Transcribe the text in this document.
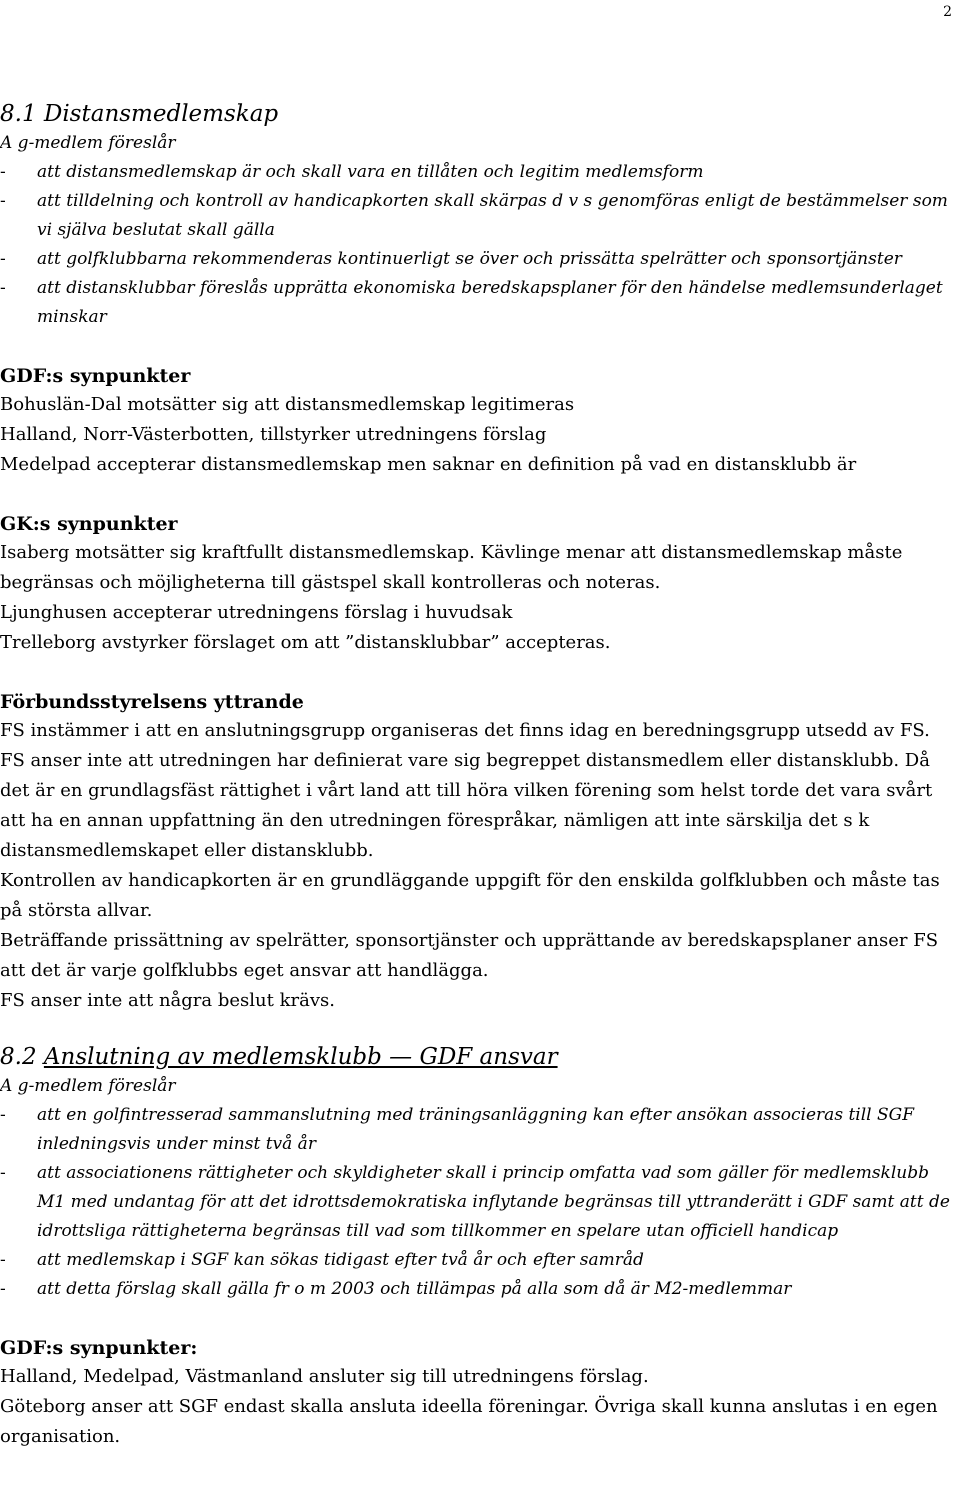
2
8.1 Distansmedlemskap
A g-medlem föreslår
- att distansmedlemskap är och skall vara en tillåten och legitim medlemsform
- att tilldelning och kontroll av handicapkorten skall skärpas d v s genomföras enligt de bestämmelser som vi själva beslutat skall gälla
- att golfklubbarna rekommenderas kontinuerligt se över och prissätta spelrätter och sponsortjänster
- att distansklubbar föreslås upprätta ekonomiska beredskapsplaner för den händelse medlemsunderlaget minskar
GDF:s synpunkter
Bohuslän-Dal motsätter sig att distansmedlemskap legitimeras
Halland, Norr-Västerbotten, tillstyrker utredningens förslag
Medelpad accepterar distansmedlemskap men saknar en definition på vad en distansklubb är
GK:s synpunkter
Isaberg motsätter sig kraftfullt distansmedlemskap. Kävlinge menar att distansmedlemskap måste begränsas och möjligheterna till gästspel skall kontrolleras och noteras.
Ljunghusen accepterar utredningens förslag i huvudsak
Trelleborg avstyrker förslaget om att ”distansklubbar” accepteras.
Förbundsstyrelsens yttrande
FS instämmer i att en anslutningsgrupp organiseras det finns idag en beredningsgrupp utsedd av FS.
FS anser inte att utredningen har definierat vare sig begreppet distansmedlem eller distansklubb. Då det är en grundlagsfäst rättighet i vårt land att till höra vilken förening som helst torde det vara svårt att ha en annan uppfattning än den utredningen förespråkar, nämligen att inte särskilja det s k distansmedlemskapet eller distansklubb.
Kontrollen av handicapkorten är en grundläggande uppgift för den enskilda golfklubben och måste tas på största allvar.
Beträffande prissättning av spelrätter, sponsortjänster och upprättande av beredskapsplaner anser FS att det är varje golfklubbs eget ansvar att handlägga.
FS anser inte att några beslut krävs.
8.2 Anslutning av medlemsklubb — GDF ansvar
A g-medlem föreslår
- att en golfintresserad sammanslutning med träningsanläggning kan efter ansökan associeras till SGF inledningsvis under minst två år
- att associationens rättigheter och skyldigheter skall i princip omfatta vad som gäller för medlemsklubb M1 med undantag för att det idrottsdemokratiska inflytande begränsas till yttranderätt i GDF samt att de idrottsliga rättigheterna begränsas till vad som tillkommer en spelare utan officiell handicap
- att medlemskap i SGF kan sökas tidigast efter två år och efter samråd
- att detta förslag skall gälla fr o m 2003 och tillämpas på alla som då är M2-medlemmar
GDF:s synpunkter:
Halland, Medelpad, Västmanland ansluter sig till utredningens förslag.
Göteborg anser att SGF endast skalla ansluta ideella föreningar. Övriga skall kunna anslutas i en egen organisation.
